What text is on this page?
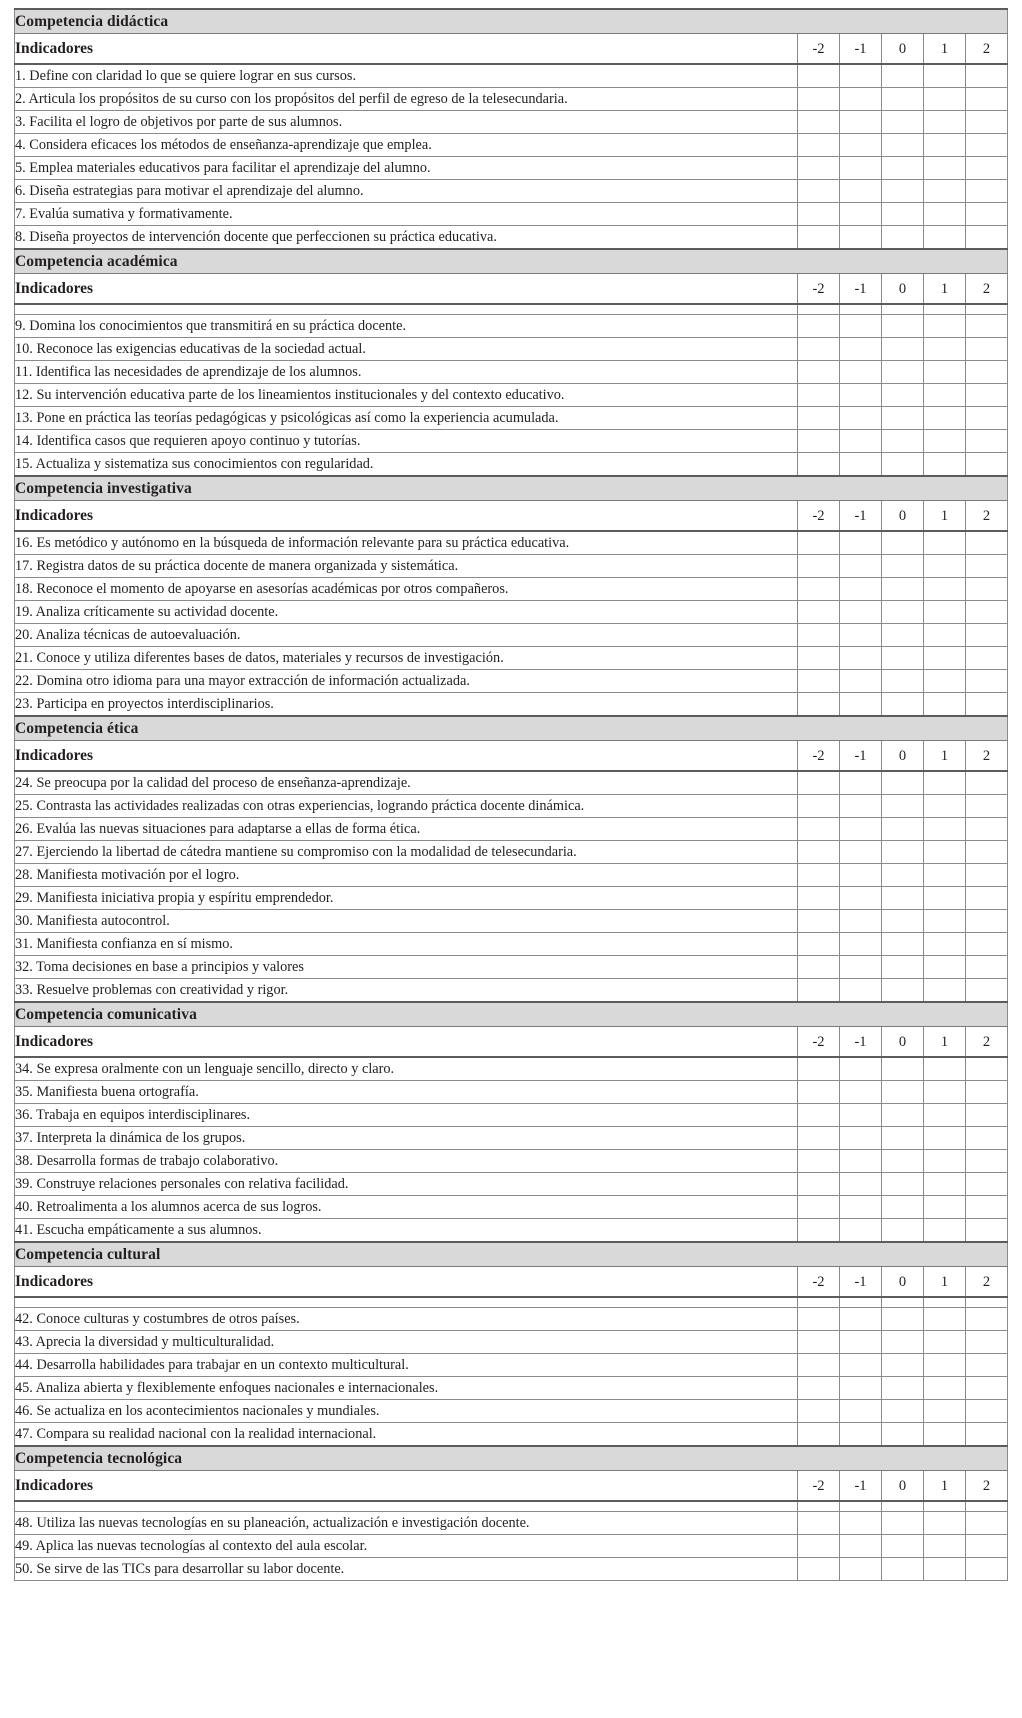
Competencia didáctica					
Indicadores	-2	-1	0	1	2
1. Define con claridad lo que se quiere lograr en sus cursos.					
2. Articula los propósitos de su curso con los propósitos del perfil de egreso de la telesecundaria.					
3. Facilita el logro de objetivos por parte de sus alumnos.					
4. Considera eficaces los métodos de enseñanza-aprendizaje que emplea.					
5. Emplea materiales educativos para facilitar el aprendizaje del alumno.					
6. Diseña estrategias para motivar el aprendizaje del alumno.					
7. Evalúa sumativa y formativamente.					
8. Diseña proyectos de intervención docente que perfeccionen su práctica educativa.					
Competencia académica					
Indicadores	-2	-1	0	1	2

9. Domina los conocimientos que transmitirá en su práctica docente.					
10. Reconoce las exigencias educativas de la sociedad actual.					
11. Identifica las necesidades de aprendizaje de los alumnos.					
12. Su intervención educativa parte de los lineamientos institucionales y del contexto educativo.					
13. Pone en práctica las teorías pedagógicas y psicológicas así como la experiencia acumulada.					
14. Identifica casos que requieren apoyo continuo y tutorías.					
15. Actualiza y sistematiza sus conocimientos con regularidad.					
Competencia investigativa					
Indicadores	-2	-1	0	1	2
16. Es metódico y autónomo en la búsqueda de información relevante para su práctica educativa.					
17. Registra datos de su práctica docente de manera organizada y sistemática.					
18. Reconoce el momento de apoyarse en asesorías académicas por otros compañeros.					
19. Analiza críticamente su actividad docente.					
20. Analiza técnicas de autoevaluación.					
21. Conoce y utiliza diferentes bases de datos, materiales y recursos de investigación.					
22. Domina otro idioma para una mayor extracción de información actualizada.					
23. Participa en proyectos interdisciplinarios.					
Competencia ética					
Indicadores	-2	-1	0	1	2
24. Se preocupa por la calidad del proceso de enseñanza-aprendizaje.					
25. Contrasta las actividades realizadas con otras experiencias, logrando práctica docente dinámica.					
26. Evalúa las nuevas situaciones para adaptarse a ellas de forma ética.					
27. Ejerciendo la libertad de cátedra mantiene su compromiso con la modalidad de telesecundaria.					
28. Manifiesta motivación por el logro.					
29. Manifiesta iniciativa propia y espíritu emprendedor.					
30. Manifiesta autocontrol.					
31. Manifiesta confianza en sí mismo.					
32. Toma decisiones en base a principios y valores					
33. Resuelve problemas con creatividad y rigor.					
Competencia comunicativa					
Indicadores	-2	-1	0	1	2
34. Se expresa oralmente con un lenguaje sencillo, directo y claro.					
35. Manifiesta buena ortografía.					
36. Trabaja en equipos interdisciplinares.					
37. Interpreta la dinámica de los grupos.					
38. Desarrolla formas de trabajo colaborativo.					
39. Construye relaciones personales con relativa facilidad.					
40. Retroalimenta a los alumnos acerca de sus logros.					
41. Escucha empáticamente a sus alumnos.					
Competencia cultural					
Indicadores	-2	-1	0	1	2

42. Conoce culturas y costumbres de otros países.					
43. Aprecia la diversidad y multiculturalidad.					
44. Desarrolla habilidades para trabajar en un contexto multicultural.					
45. Analiza abierta y flexiblemente enfoques nacionales e internacionales.					
46. Se actualiza en los acontecimientos nacionales y mundiales.					
47. Compara su realidad nacional con la realidad internacional.					
Competencia tecnológica					
Indicadores	-2	-1	0	1	2

48. Utiliza las nuevas tecnologías en su planeación, actualización e investigación docente.					
49. Aplica las nuevas tecnologías al contexto del aula escolar.					
50. Se sirve de las TICs para desarrollar su labor docente.					
